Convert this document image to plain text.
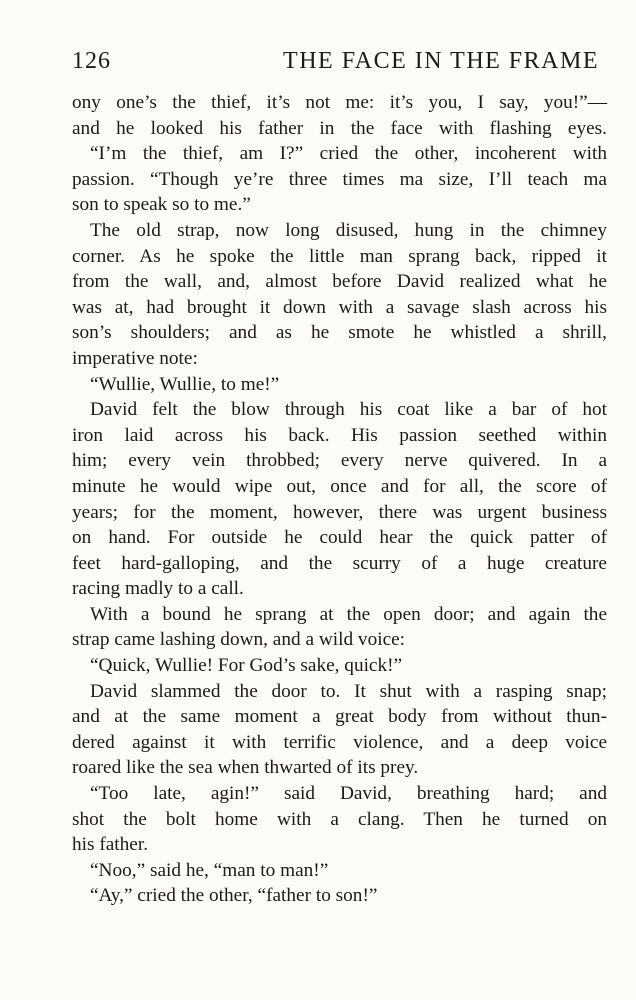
126	THE FACE IN THE FRAME
ony one’s the thief, it’s not me: it’s you, I say, you!”—
and he looked his father in the face with flashing eyes.
“I’m the thief, am I?” cried the other, incoherent with
passion. “Though ye’re three times ma size, I’ll teach ma
son to speak so to me.”
The old strap, now long disused, hung in the chimney
corner. As he spoke the little man sprang back, ripped it
from the wall, and, almost before David realized what he
was at, had brought it down with a savage slash across his
son’s shoulders; and as he smote he whistled a shrill,
imperative note:
“Wullie, Wullie, to me!”
David felt the blow through his coat like a bar of hot
iron laid across his back. His passion seethed within
him; every vein throbbed; every nerve quivered. In a
minute he would wipe out, once and for all, the score of
years; for the moment, however, there was urgent business
on hand. For outside he could hear the quick patter of
feet hard-galloping, and the scurry of a huge creature
racing madly to a call.
With a bound he sprang at the open door; and again the
strap came lashing down, and a wild voice:
“Quick, Wullie! For God’s sake, quick!”
David slammed the door to. It shut with a rasping snap;
and at the same moment a great body from without thun-
dered against it with terrific violence, and a deep voice
roared like the sea when thwarted of its prey.
“Too late, agin!” said David, breathing hard; and
shot the bolt home with a clang. Then he turned on
his father.
“Noo,” said he, “man to man!”
“Ay,” cried the other, “father to son!”
